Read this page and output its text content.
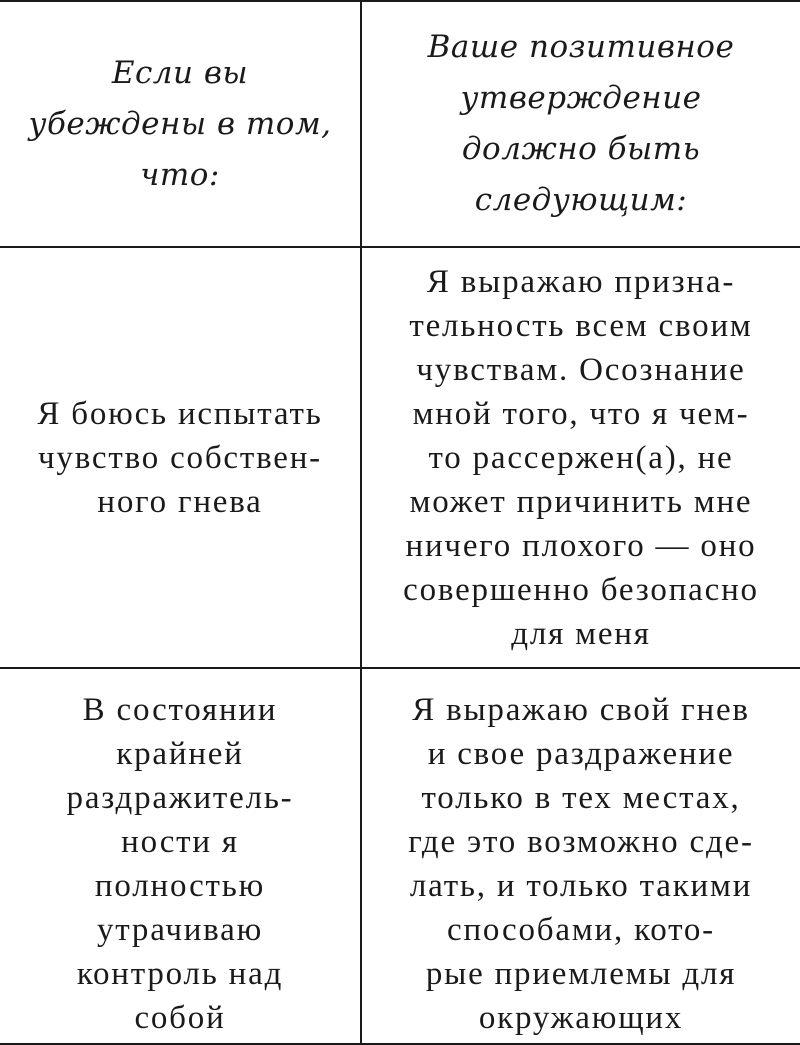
Если вы
убеждены в том,
что:
Ваше позитивное
утверждение
должно быть
следующим:
Я боюсь испытать
чувство собствен-
ного гнева
Я выражаю призна-
тельность всем своим
чувствам. Осознание
мной того, что я чем-
то рассержен(а), не
может причинить мне
ничего плохого — оно
совершенно безопасно
для меня
В состоянии
крайней
раздражитель-
ности я
полностью
утрачиваю
контроль над
собой
Я выражаю свой гнев
и свое раздражение
только в тех местах,
где это возможно сде-
лать, и только такими
способами, кото-
рые приемлемы для
окружающих
